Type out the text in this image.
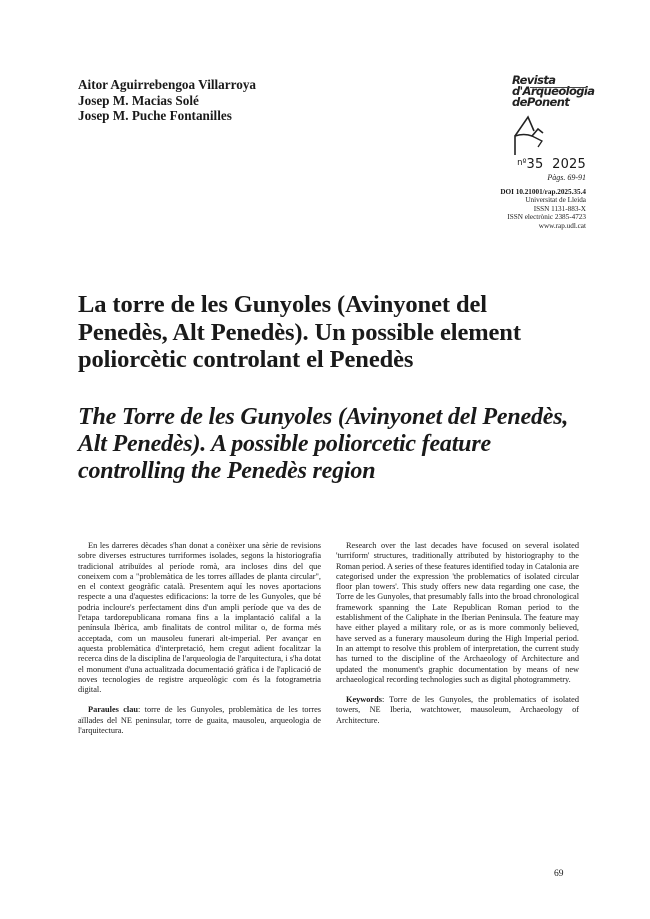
Aitor Aguirrebengoa Villarroya
Josep M. Macias Solé
Josep M. Puche Fontanilles
Revista
d'Arqueologia
dePonent
$^{nº}$35 2025
Pàgs. 69-91
DOI 10.21001/rap.2025.35.4
Universitat de Lleida
ISSN 1131-883-X
ISSN electrònic 2385-4723
www.rap.udl.cat
La torre de les Gunyoles (Avinyonet del Penedès, Alt Penedès). Un possible element poliorcètic controlant el Penedès
The Torre de les Gunyoles (Avinyonet del Penedès, Alt Penedès). A possible poliorcetic feature controlling the Penedès region

En les darreres dècades s'han donat a conèixer una sèrie de revisions sobre diverses estructures turriformes isolades, segons la historiografia tradicional atribuïdes al període romà, ara incloses dins del que coneixem com a "problemàtica de les torres aïllades de planta circular", en el context geogràfic català. Presentem aquí les noves aportacions respecte a una d'aquestes edificacions: la torre de les Gunyoles, que bé podria incloure's perfectament dins d'un ampli període que va des de l'etapa tardorepublicana romana fins a la implantació califal a la península Ibèrica, amb finalitats de control militar o, de forma més acceptada, com un mausoleu funerari alt-imperial. Per avançar en aquesta problemàtica d'interpretació, hem cregut adient focalitzar la recerca dins de la disciplina de l'arqueologia de l'arquitectura, i s'ha dotat el monument d'una actualitzada documentació gràfica i de l'aplicació de noves tecnologies de registre arqueològic com és la fotogrametria digital.

Paraules clau: torre de les Gunyoles, problemàtica de les torres aïllades del NE peninsular, torre de guaita, mausoleu, arqueologia de l'arquitectura.

Research over the last decades have focused on several isolated 'turriform' structures, traditionally attributed by historiography to the Roman period. A series of these features identified today in Catalonia are categorised under the expression 'the problematics of isolated circular floor plan towers'. This study offers new data regarding one case, the Torre de les Gunyoles, that presumably falls into the broad chronological framework spanning the Late Republican Roman period to the establishment of the Caliphate in the Iberian Peninsula. The feature may have either played a military role, or as is more commonly believed, have served as a funerary mausoleum during the High Imperial period. In an attempt to resolve this problem of interpretation, the current study has turned to the discipline of the Archaeology of Architecture and updated the monument's graphic documentation by means of new archaeological recording technologies such as digital photogrammetry.

Keywords: Torre de les Gunyoles, the problematics of isolated towers, NE Iberia, watchtower, mausoleum, Archaeology of Architecture.

69
